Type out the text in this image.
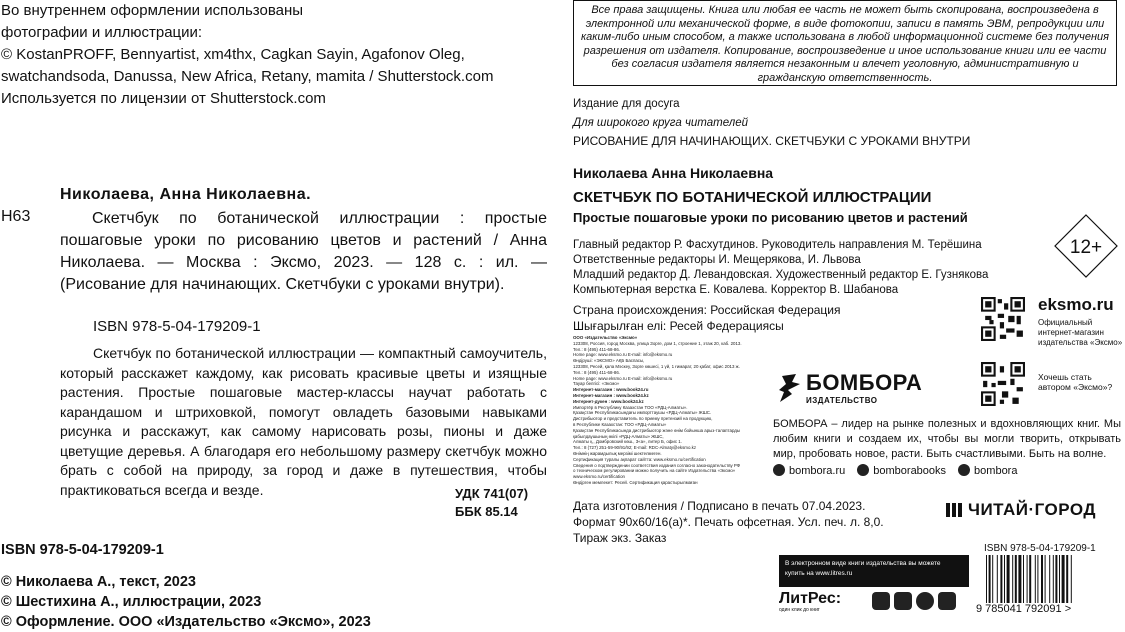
Во внутреннем оформлении использованы

фотографии и иллюстрации:

© KostanPROFF, Bennyartist, xm4thx, Cagkan Sayin, Agafonov Oleg,

swatchandsoda, Danussa, New Africa, Retany, mamita / Shutterstock.com

Используется по лицензии от Shutterstock.com

Николаева, Анна Николаевна.
Н63	Скетчбук по ботанической иллюстрации : простые пошаговые уроки по рисованию цветов и растений / Анна Николаева. — Москва : Эксмо, 2023. — 128 с. : ил. — (Рисование для начинающих. Скетчбуки с уроками внутри).
ISBN 978-5-04-179209-1
Скетчбук по ботанической иллюстрации — компактный самоучитель, который расскажет каждому, как рисовать красивые цветы и изящные растения. Простые пошаговые мастер-классы научат работать с карандашом и штриховкой, помогут овладеть базовыми навыками рисунка и расскажут, как самому нарисовать розы, пионы и даже цветущие деревья. А благодаря его небольшому размеру скетчбук можно брать с собой на природу, за город и даже в путешествия, чтобы практиковаться всегда и везде.	УДК 741(07)
ББК 85.14
ISBN 978-5-04-179209-1
© Николаева А., текст, 2023
© Шестихина А., иллюстрации, 2023
© Оформление. ООО «Издательство «Эксмо», 2023
Все права защищены. Книга или любая ее часть не может быть скопирована, воспроизведена в электронной или механической форме, в виде фотокопии, записи в память ЭВМ, репродукции или каким-либо иным способом, а также использована в любой информационной системе без получения разрешения от издателя. Копирование, воспроизведение и иное использование книги или ее части без согласия издателя является незаконным и влечет уголовную, административную и гражданскую ответственность.

Издание для досуга

Для широкого круга читателей

РИСОВАНИЕ ДЛЯ НАЧИНАЮЩИХ. СКЕТЧБУКИ С УРОКАМИ ВНУТРИ
Николаева Анна Николаевна
СКЕТЧБУК ПО БОТАНИЧЕСКОЙ ИЛЛЮСТРАЦИИ
Простые пошаговые уроки по рисованию цветов и растений

Главный редактор Р. Фасхутдинов. Руководитель направления М. Терёшина

Ответственные редакторы И. Мещерякова, И. Львова

Младший редактор Д. Левандовская. Художественный редактор Е. Гузнякова

Компьютерная верстка Е. Ковалева. Корректор В. Шабанова

12+

Страна происхождения: Российская Федерация

Шығарылған елі: Ресей Федерациясы

ООО «Издательство «Эксмо»

123308, Россия, город Москва, улица Зорге, дом 1, строение 1, этаж 20, каб. 2013.

Тел.: 8 (495) 411-68-86.

Home page: www.eksmo.ru E-mail: info@eksmo.ru

Өндіруші: «ЭКСМО» АҚБ Баспасы,

123308, Ресей, қала Мәскеу, Зорге көшесі, 1 үй, 1 ғимарат, 20 қабат, офис 2013 ж.

Тел.: 8 (495) 411-68-86.

Home page: www.eksmo.ru E-mail: info@eksmo.ru

Тауар белгісі: «Эксмо»

Интернет-магазин : www.book24.ru

Интернет-магазин : www.book24.kz

Интернет-дүкен : www.book24.kz

Импортёр в Республику Казахстан ТОО «РДЦ-Алматы».

Қазақстан Республикасындағы импорттаушы «РДЦ-Алматы» ЖШС.

Дистрибьютор и представитель по приему претензий на продукцию,

в Республике Казахстан: ТОО «РДЦ-Алматы»

Қазақстан Республикасында дистрибьютор және өнім бойынша арыз-талаптарды

қабылдаушының өкілі «РДЦ-Алматы» ЖШС,

Алматы қ., Домбровский көш., 3«а», литер Б, офис 1.

Тел.: 8 (727) 251-59-90/91/92; E-mail: RDC-Almaty@eksmo.kz

Өнімнің жарамдылық мерзімі шектелмеген.

Сертификация туралы ақпарат сайтта: www.eksmo.ru/certification

Сведения о подтверждении соответствия издания согласно законодательству РФ

о техническом регулировании можно получить на сайте Издательства «Эксмо»

www.eksmo.ru/certification

Өндірген мемлекет: Ресей. Сертификация қарастырылмаған

eksmo.ru
Официальный
интернет-магазин
издательства «Эксмо»
Хочешь стать
автором «Эксмо»?
БОМБОРА
ИЗДАТЕЛЬСТВО
БОМБОРА – лидер на рынке полезных и вдохновляющих книг. Мы любим книги и создаем их, чтобы вы могли творить, открывать мир, пробовать новое, расти. Быть счастливыми. Быть на волне.
bombora.ru	bomborabooks	bombora

Дата изготовления / Подписано в печать 07.04.2023.

Формат 90x60/16(а)*. Печать офсетная. Усл. печ. л. 8,0.

Тираж экз. Заказ

ЧИТАЙ·ГОРОД
В электронном виде книги издательства вы можете
купить на www.litres.ru
ЛитРес:
один клик до книг
ISBN 978-5-04-179209-1
9 785041 792091 >
